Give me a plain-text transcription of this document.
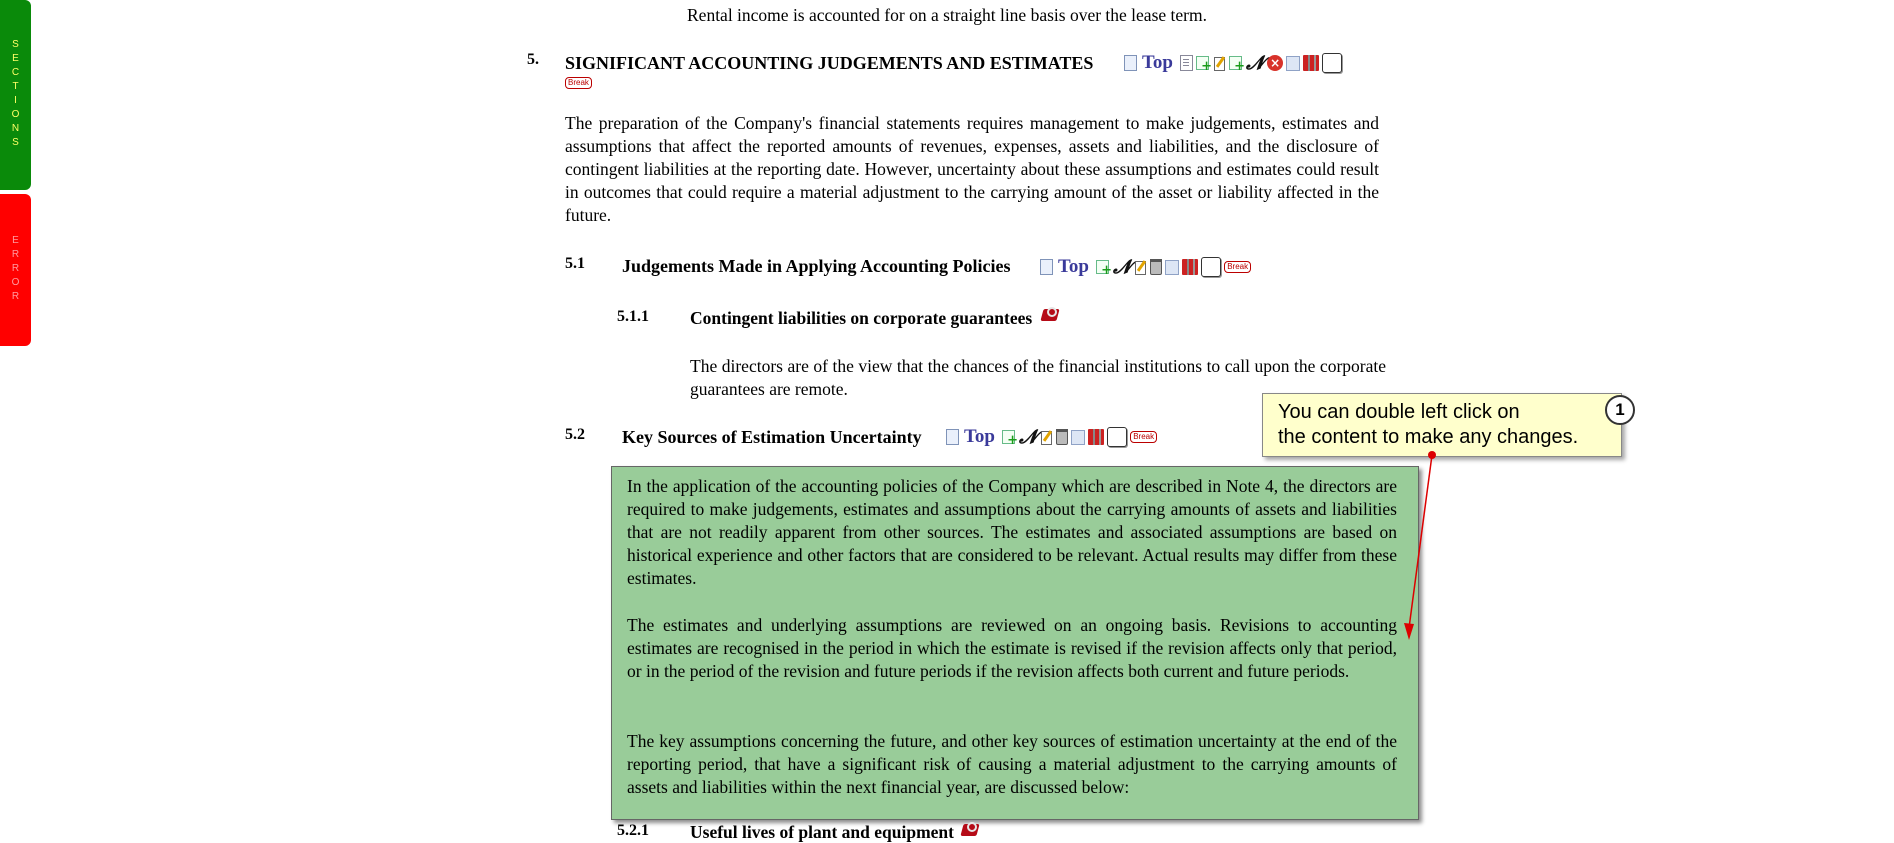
SECTIONS
ERROR
Rental income is accounted for on a straight line basis over the lease term.
5. SIGNIFICANT ACCOUNTING JUDGEMENTS AND ESTIMATES	Top + +	𝓝 ×
Break
The preparation of the Company's financial statements requires management to make judgements, estimates and assumptions that affect the reported amounts of revenues, expenses, assets and liabilities, and the disclosure of contingent liabilities at the reporting date. However, uncertainty about these assumptions and estimates could result in outcomes that could require a material adjustment to the carrying amount of the asset or liability affected in the future.
5.1 Judgements Made in Applying Accounting Policies Top + 𝓝	Break
5.1.1 Contingent liabilities on corporate guarantees
The directors are of the view that the chances of the financial institutions to call upon the corporate guarantees are remote.
5.2 Key Sources of Estimation Uncertainty Top + 𝓝	Break
In the application of the accounting policies of the Company which are described in Note 4, the directors are required to make judgements, estimates and assumptions about the carrying amounts of assets and liabilities that are not readily apparent from other sources. The estimates and associated assumptions are based on historical experience and other factors that are considered to be relevant. Actual results may differ from these estimates.
The estimates and underlying assumptions are reviewed on an ongoing basis. Revisions to accounting estimates are recognised in the period in which the estimate is revised if the revision affects only that period, or in the period of the revision and future periods if the revision affects both current and future periods.
The key assumptions concerning the future, and other key sources of estimation uncertainty at the end of the reporting period, that have a significant risk of causing a material adjustment to the carrying amounts of assets and liabilities within the next financial year, are discussed below:
5.2.1 Useful lives of plant and equipment
You can double left click on
the content to make any changes.
1
